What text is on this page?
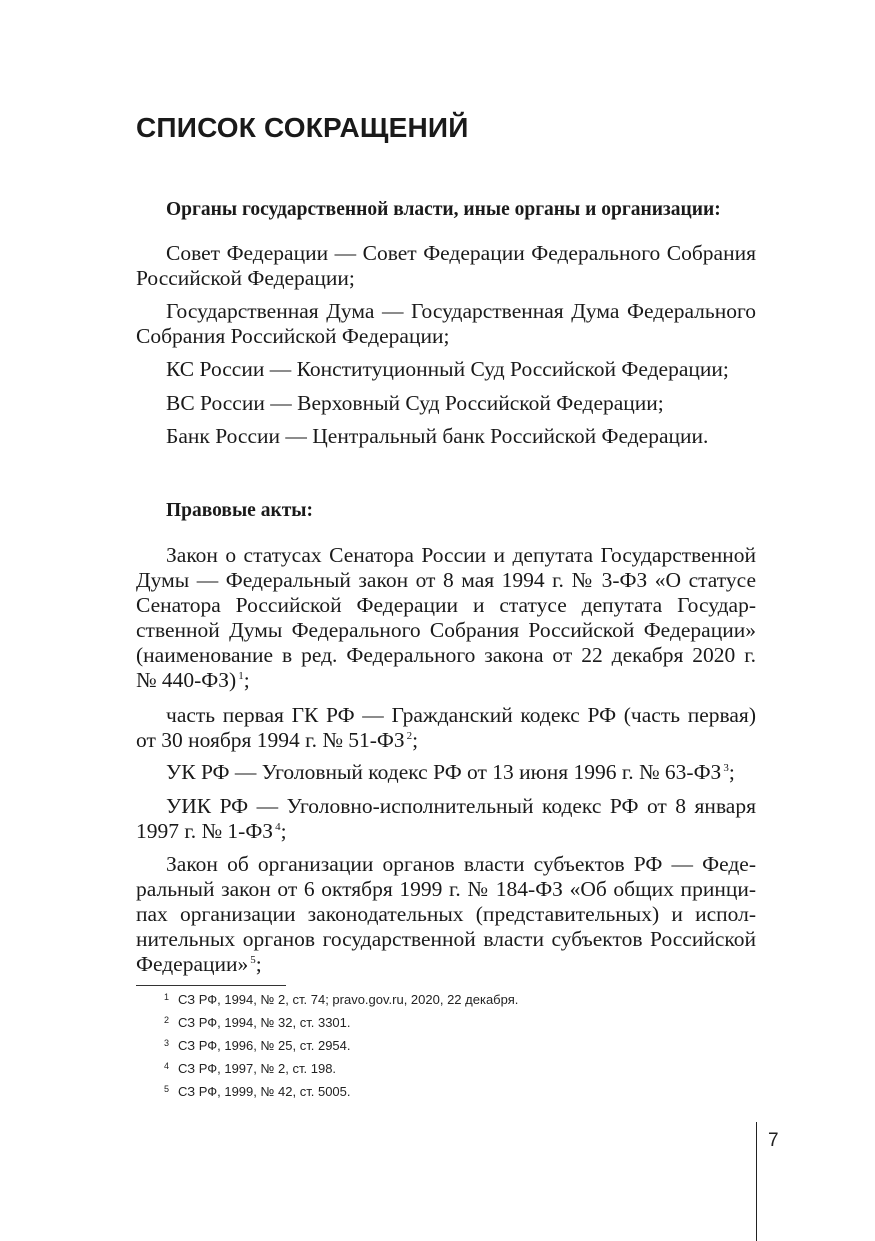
СПИСОК СОКРАЩЕНИЙ

Органы государственной власти, иные органы и организации:

Совет Федерации — Совет Федерации Федерального Собрания
Российской Федерации;

Государственная Дума — Государственная Дума Федерального
Собрания Российской Федерации;

КС России — Конституционный Суд Российской Федерации;

ВС России — Верховный Суд Российской Федерации;

Банк России — Центральный банк Российской Федерации.

Правовые акты:

Закон о статусах Сенатора России и депутата Государственной
Думы — Федеральный закон от 8 мая 1994 г. № 3-ФЗ «О статусе
Сенатора Российской Федерации и статусе депутата Государ-
ственной Думы Федерального Собрания Российской Федерации»
(наименование в ред. Федерального закона от 22 декабря 2020 г.
№ 440-ФЗ) $^1$;

часть первая ГК РФ — Гражданский кодекс РФ (часть первая)
от 30 ноября 1994 г. № 51-ФЗ $^2$;

УК РФ — Уголовный кодекс РФ от 13 июня 1996 г. № 63-ФЗ $^3$;

УИК РФ — Уголовно-исполнительный кодекс РФ от 8 января
1997 г. № 1-ФЗ $^4$;

Закон об организации органов власти субъектов РФ — Феде-
ральный закон от 6 октября 1999 г. № 184-ФЗ «Об общих принци-
пах организации законодательных (представительных) и испол-
нительных органов государственной власти субъектов Российской
Федерации» $^5$;

1 СЗ РФ, 1994, № 2, ст. 74; pravo.gov.ru, 2020, 22 декабря.
2 СЗ РФ, 1994, № 32, ст. 3301.
3 СЗ РФ, 1996, № 25, ст. 2954.
4 СЗ РФ, 1997, № 2, ст. 198.
5 СЗ РФ, 1999, № 42, ст. 5005.
7
